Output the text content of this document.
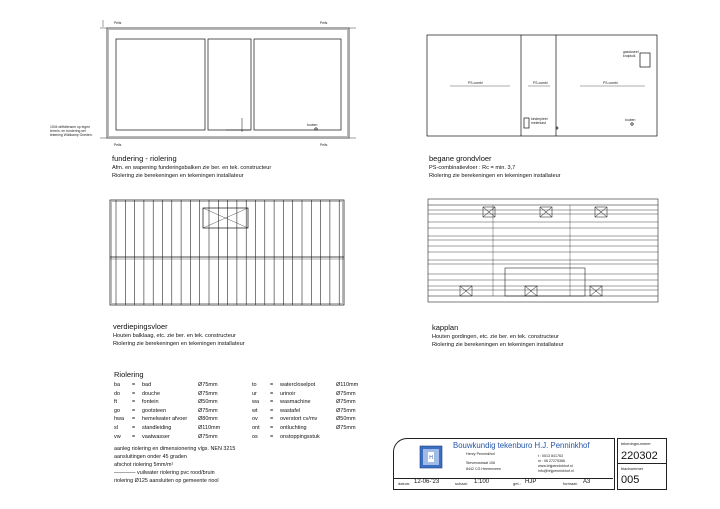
Peils	Peils
Peils	Peils
touben
1004 driftdiensen op eigen
terrein, en fundering sel
tekening Wildkamp Oneden.
fundering - riolering
Afm. en wapening funderingsbalken zie ber. en tek. constructeur
Riolering zie berekeningen en tekeningen installateur
PS-combi	PS-combi	PS-combi
gasdoseel
kruipluik
kinderpleet
meterkast
touben
begane grondvloer
PS-combinatievloer : Rc = min. 3,7
Riolering zie berekeningen en tekeningen installateur
verdiepingsvloer
Houten balklaag, etc. zie ber. en tek. constructeur
Riolering zie berekeningen en tekeningen installateur
kapplan
Houten gordingen, etc. zie ber. en tek. constructeur
Riolering zie berekeningen en tekeningen installateur
Riolering
ba = bad	Ø75mm
do = douche	Ø75mm
ft	= fontein	Ø50mm
go = gootsteen	Ø75mm
hwa = hemelwater afvoer Ø80mm
sl	= standleiding	Ø110mm
vw = vaatwasser	Ø75mm
to = watercloselpot	Ø110mm
ur = urinoir	Ø75mm
wa = wasmachine	Ø75mm
wt = wastafel	Ø75mm
ov = overstort cv/mv	Ø50mm
ont = ontluchting	Ø75mm
os = onstoppingsstuk
aanleg riolering en dimensionering vlgs. NEN 3215
aansluitingen onder 45 graden
afschot riolering 5mm/m¹
———— vuilwater riolering pvc rood/bruin
riolering Ø125 aansluiten op gemeente riool
H
Bouwkundig tekenburo H.J. Penninkhof
Henry Penninkhof
Stevensstraat 106
8442 CG Heerenveen
t : 0513 841763
m : 06 27275366
www.bhjpenninkhof.nl
info@bhjpenninkhof.nl
datum: 12-06-'23	schaal: 1:100	get.: HJP	formaat: A3
tekeningnummer
220302
bladnummer
005
